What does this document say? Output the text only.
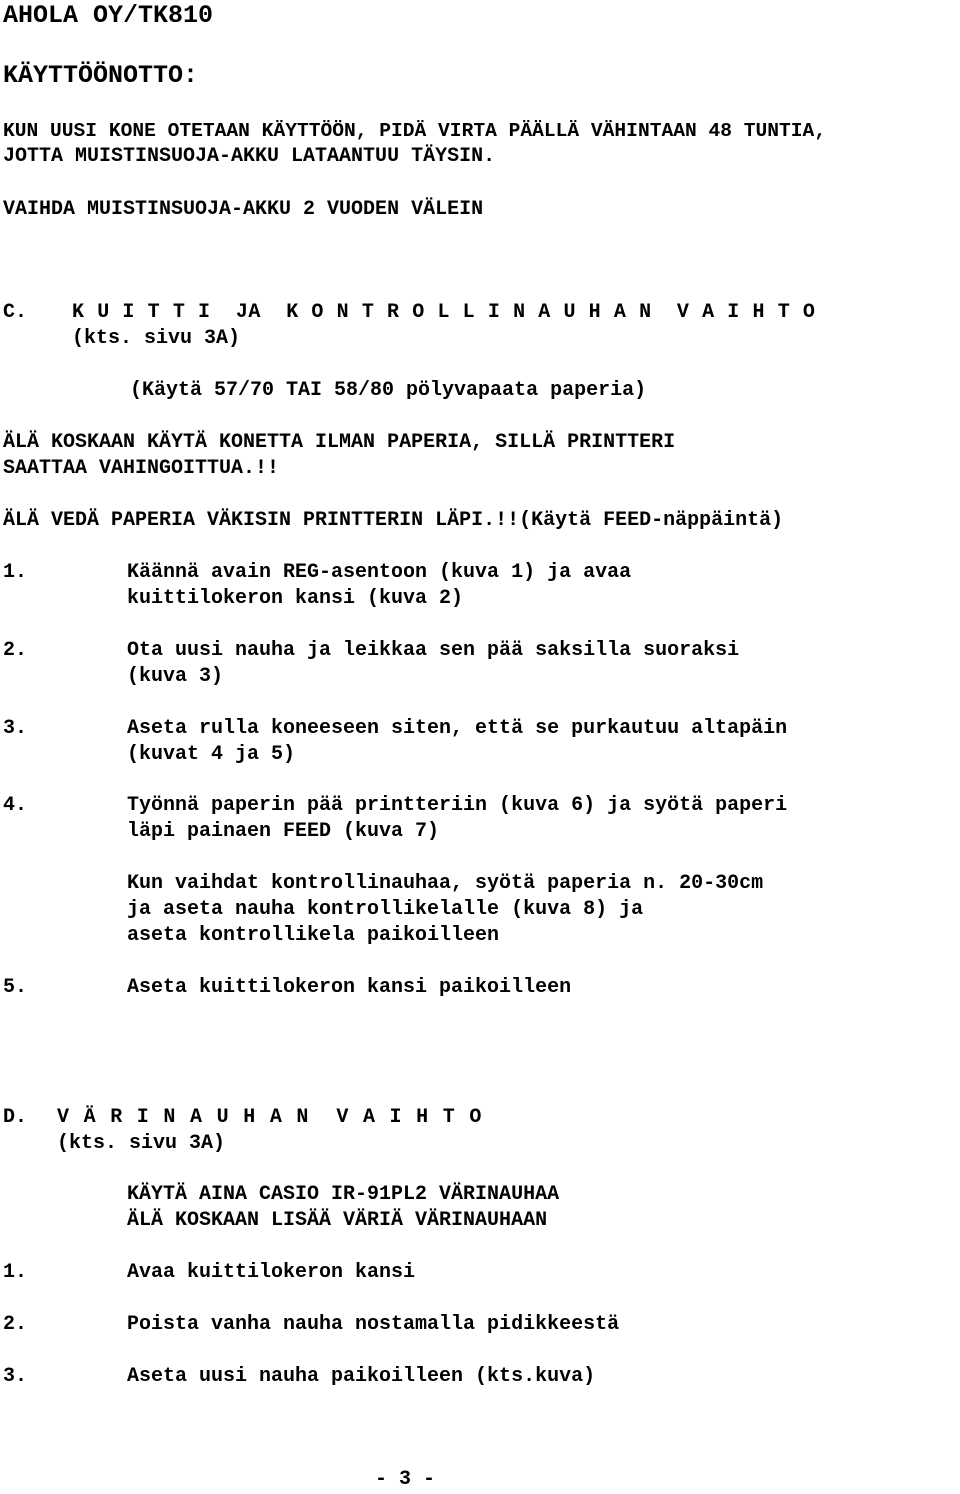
AHOLA OY/TK810
KÄYTTÖÖNOTTO:
KUN UUSI KONE OTETAAN KÄYTTÖÖN, PIDÄ VIRTA PÄÄLLÄ VÄHINTAAN 48 TUNTIA,
JOTTA MUISTINSUOJA-AKKU LATAANTUU TÄYSIN.
VAIHDA MUISTINSUOJA-AKKU 2 VUODEN VÄLEIN
C. K U I T T I  JA  K O N T R O L L I N A U H A N  V A I H T O
(kts. sivu 3A)
(Käytä 57/70 TAI 58/80 pölyvapaata paperia)
ÄLÄ KOSKAAN KÄYTÄ KONETTA ILMAN PAPERIA, SILLÄ PRINTTERI
SAATTAA VAHINGOITTUA.!!
ÄLÄ VEDÄ PAPERIA VÄKISIN PRINTTERIN LÄPI.!!(Käytä FEED-näppäintä)
1.	Käännä avain REG-asentoon (kuva 1) ja avaa
kuittilokeron kansi (kuva 2)
2.	Ota uusi nauha ja leikkaa sen pää saksilla suoraksi
(kuva 3)
3.	Aseta rulla koneeseen siten, että se purkautuu altapäin
(kuvat 4 ja 5)
4.	Työnnä paperin pää printteriin (kuva 6) ja syötä paperi
läpi painaen FEED (kuva 7)
Kun vaihdat kontrollinauhaa, syötä paperia n. 20-30cm
ja aseta nauha kontrollikelalle (kuva 8) ja
aseta kontrollikela paikoilleen
5.	Aseta kuittilokeron kansi paikoilleen
D. V Ä R I N A U H A N  V A I H T O
(kts. sivu 3A)
KÄYTÄ AINA CASIO IR-91PL2 VÄRINAUHAA
ÄLÄ KOSKAAN LISÄÄ VÄRIÄ VÄRINAUHAAN
1.	Avaa kuittilokeron kansi
2.	Poista vanha nauha nostamalla pidikkeestä
3.	Aseta uusi nauha paikoilleen (kts.kuva)
- 3 -
